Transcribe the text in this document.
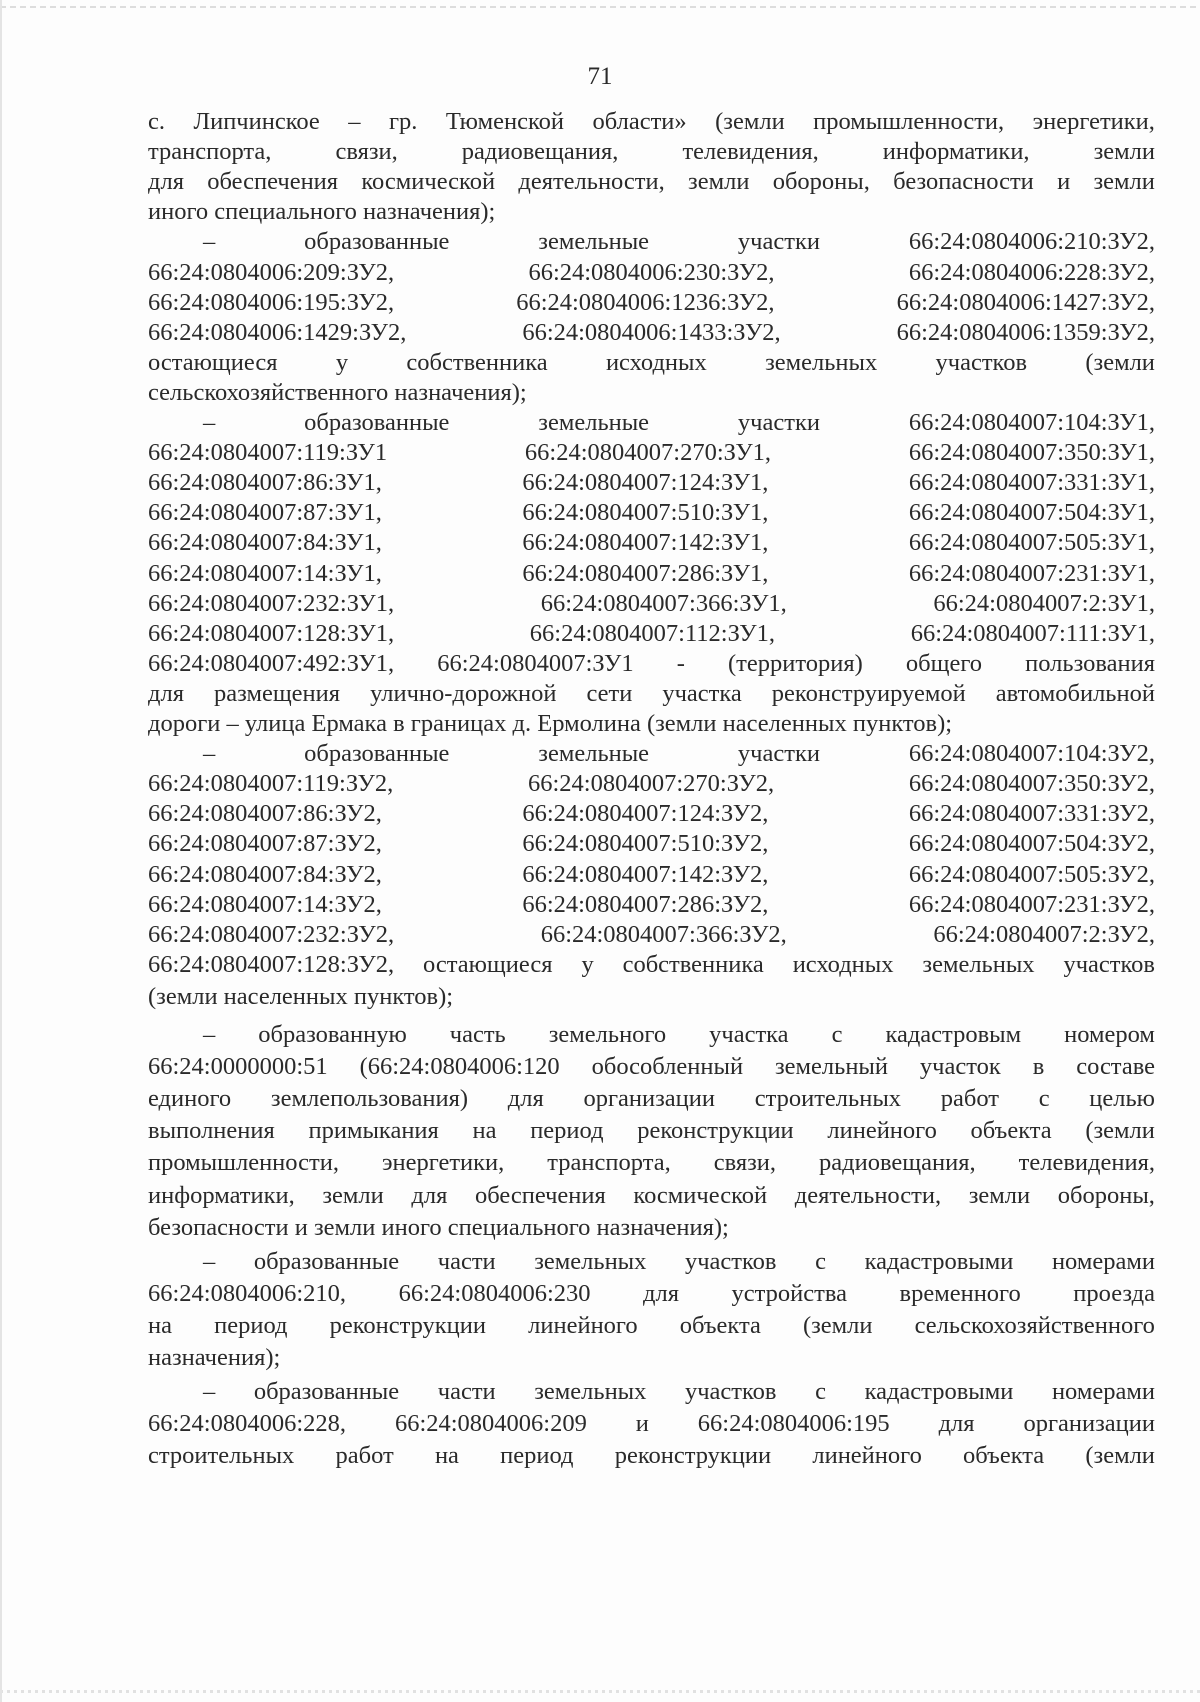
71
с. Липчинское – гр. Тюменской области» (земли промышленности, энергетики,
транспорта,	связи,	радиовещания,	телевидения,	информатики,	земли
для обеспечения космической деятельности, земли обороны, безопасности и земли
иного специального назначения);
–	образованные	земельные	участки	66:24:0804006:210:ЗУ2,
66:24:0804006:209:ЗУ2,	66:24:0804006:230:ЗУ2,	66:24:0804006:228:ЗУ2,
66:24:0804006:195:ЗУ2,	66:24:0804006:1236:ЗУ2,	66:24:0804006:1427:ЗУ2,
66:24:0804006:1429:ЗУ2,	66:24:0804006:1433:ЗУ2,	66:24:0804006:1359:ЗУ2,
остающиеся у собственника исходных земельных участков (земли
сельскохозяйственного назначения);
–	образованные	земельные	участки	66:24:0804007:104:ЗУ1,
66:24:0804007:119:ЗУ1	66:24:0804007:270:ЗУ1,	66:24:0804007:350:ЗУ1,
66:24:0804007:86:ЗУ1,	66:24:0804007:124:ЗУ1,	66:24:0804007:331:ЗУ1,
66:24:0804007:87:ЗУ1,	66:24:0804007:510:ЗУ1,	66:24:0804007:504:ЗУ1,
66:24:0804007:84:ЗУ1,	66:24:0804007:142:ЗУ1,	66:24:0804007:505:ЗУ1,
66:24:0804007:14:ЗУ1,	66:24:0804007:286:ЗУ1,	66:24:0804007:231:ЗУ1,
66:24:0804007:232:ЗУ1,	66:24:0804007:366:ЗУ1,	66:24:0804007:2:ЗУ1,
66:24:0804007:128:ЗУ1,	66:24:0804007:112:ЗУ1,	66:24:0804007:111:ЗУ1,
66:24:0804007:492:ЗУ1, 66:24:0804007:ЗУ1 - (территория) общего пользования
для размещения улично-дорожной сети участка реконструируемой автомобильной
дороги – улица Ермака в границах д. Ермолина (земли населенных пунктов);
–	образованные	земельные	участки	66:24:0804007:104:ЗУ2,
66:24:0804007:119:ЗУ2,	66:24:0804007:270:ЗУ2,	66:24:0804007:350:ЗУ2,
66:24:0804007:86:ЗУ2,	66:24:0804007:124:ЗУ2,	66:24:0804007:331:ЗУ2,
66:24:0804007:87:ЗУ2,	66:24:0804007:510:ЗУ2,	66:24:0804007:504:ЗУ2,
66:24:0804007:84:ЗУ2,	66:24:0804007:142:ЗУ2,	66:24:0804007:505:ЗУ2,
66:24:0804007:14:ЗУ2,	66:24:0804007:286:ЗУ2,	66:24:0804007:231:ЗУ2,
66:24:0804007:232:ЗУ2,	66:24:0804007:366:ЗУ2,	66:24:0804007:2:ЗУ2,
66:24:0804007:128:ЗУ2, остающиеся у собственника исходных земельных участков
(земли населенных пунктов);
– образованную часть земельного участка с кадастровым номером
66:24:0000000:51 (66:24:0804006:120 обособленный земельный участок в составе
единого землепользования) для организации строительных работ с целью
выполнения примыкания на период реконструкции линейного объекта (земли
промышленности, энергетики, транспорта, связи, радиовещания, телевидения,
информатики, земли для обеспечения космической деятельности, земли обороны,
безопасности и земли иного специального назначения);
– образованные части земельных участков с кадастровыми номерами
66:24:0804006:210, 66:24:0804006:230 для устройства временного проезда
на период реконструкции линейного объекта (земли сельскохозяйственного
назначения);
– образованные части земельных участков с кадастровыми номерами
66:24:0804006:228, 66:24:0804006:209 и 66:24:0804006:195 для организации
строительных работ на период реконструкции линейного объекта (земли
